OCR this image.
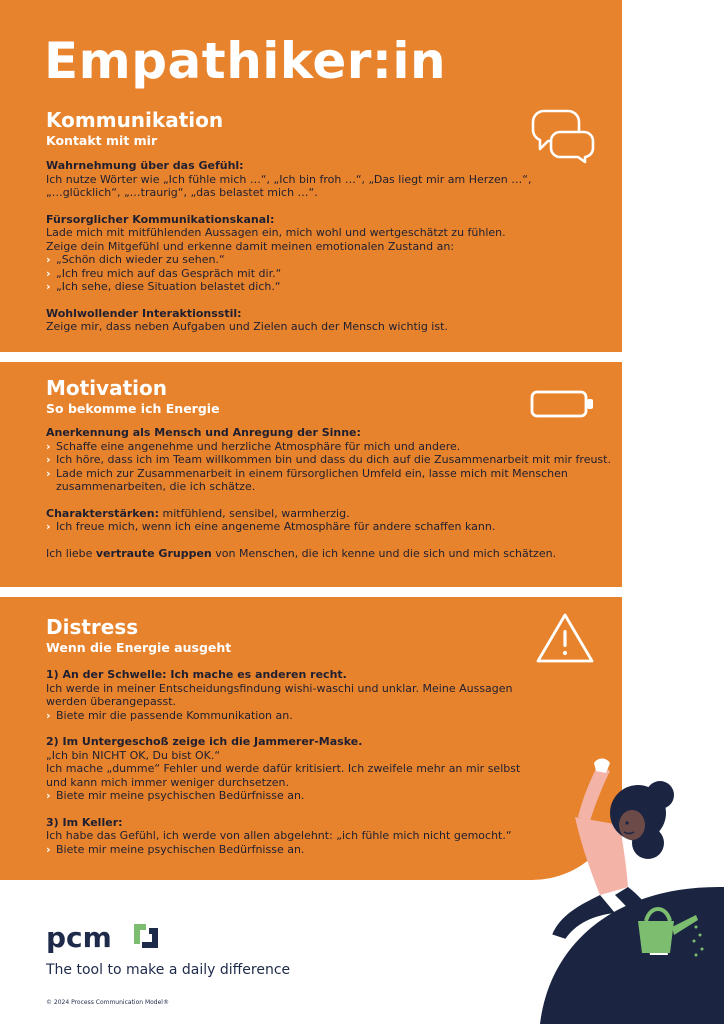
Empathiker:in
Kommunikation
Kontakt mit mir

Wahrnehmung über das Gefühl:

Ich nutze Wörter wie „Ich fühle mich …“, „Ich bin froh …“, „Das liegt mir am Herzen …“,

„…glücklich“, „…traurig“, „das belastet mich …“.

Fürsorglicher Kommunikationskanal:

Lade mich mit mitfühlenden Aussagen ein, mich wohl und wertgeschätzt zu fühlen.

Zeige dein Mitgefühl und erkenne damit meinen emotionalen Zustand an:

› „Schön dich wieder zu sehen.“

› „Ich freu mich auf das Gespräch mit dir.“

› „Ich sehe, diese Situation belastet dich.“

Wohlwollender Interaktionsstil:

Zeige mir, dass neben Aufgaben und Zielen auch der Mensch wichtig ist.

Motivation
So bekomme ich Energie

Anerkennung als Mensch und Anregung der Sinne:

› Schaffe eine angenehme und herzliche Atmosphäre für mich und andere.

› Ich höre, dass ich im Team willkommen bin und dass du dich auf die Zusammenarbeit mit mir freust.

› Lade mich zur Zusammenarbeit in einem fürsorglichen Umfeld ein, lasse mich mit Menschen zusammenarbeiten, die ich schätze.

Charakterstärken: mitfühlend, sensibel, warmherzig.

› Ich freue mich, wenn ich eine angeneme Atmosphäre für andere schaffen kann.

Ich liebe vertraute Gruppen von Menschen, die ich kenne und die sich und mich schätzen.

Distress
Wenn die Energie ausgeht

1) An der Schwelle: Ich mache es anderen recht.

Ich werde in meiner Entscheidungsfindung wishi-waschi und unklar. Meine Aussagen

werden überangepasst.

› Biete mir die passende Kommunikation an.

2) Im Untergeschoß zeige ich die Jammerer-Maske.

„Ich bin NICHT OK, Du bist OK.“

Ich mache „dumme“ Fehler und werde dafür kritisiert. Ich zweifele mehr an mir selbst

und kann mich immer weniger durchsetzen.

› Biete mir meine psychischen Bedürfnisse an.

3) Im Keller:

Ich habe das Gefühl, ich werde von allen abgelehnt: „ich fühle mich nicht gemocht.“

› Biete mir meine psychischen Bedürfnisse an.

pcm

The tool to make a daily difference

© 2024 Process Communication Model®
